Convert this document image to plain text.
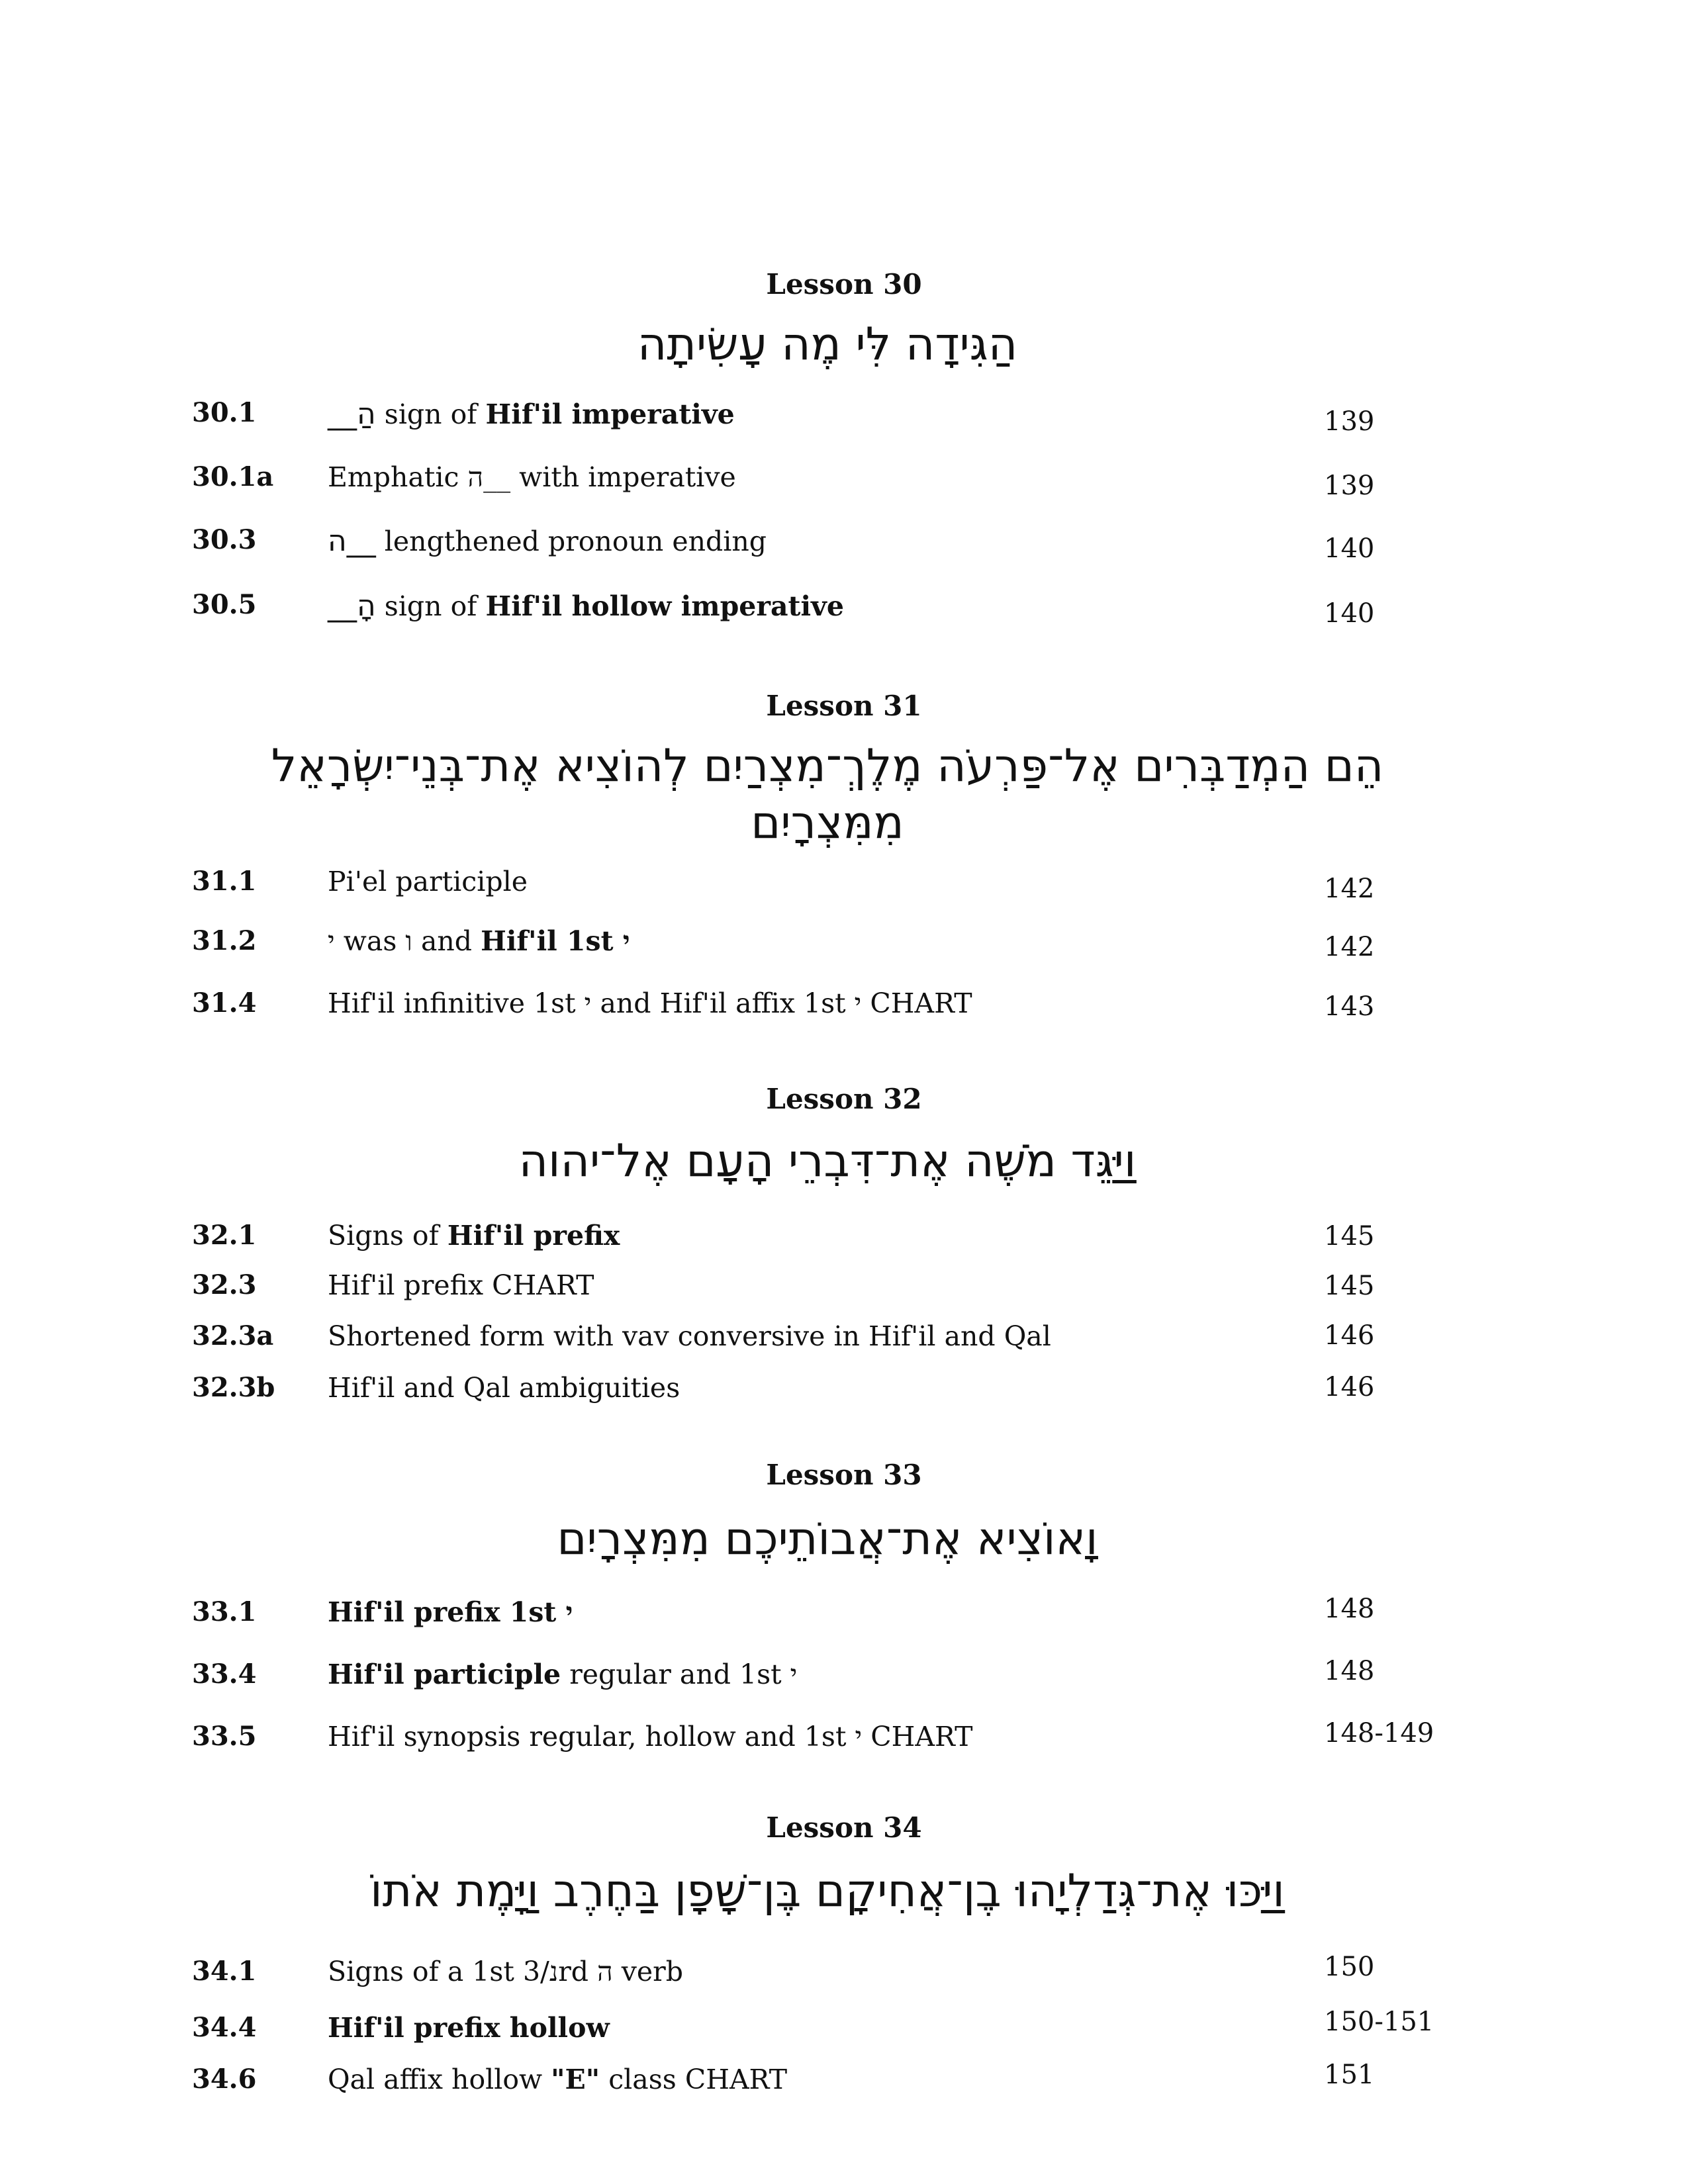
Lesson 30
הַגִּידָה לִּי מֶה עָשִׂיתָה
30.1 __הַ sign of Hif'il imperative	139
30.1a Emphatic ה__ with imperative	139
30.3 ה__ lengthened pronoun ending	140
30.5 __הָ sign of Hif'il hollow imperative	140
Lesson 31
הֵם הַמְדַבְּרִים אֶל־פַּרְעֹה מֶלֶךְ־מִצְרַיִם לְהוֹצִיא אֶת־בְּנֵי־יִשְׂרָאֵל מִמִּצְרָיִם
31.1	Pi'el participle	142
31.2	י was ו and Hif'il 1st י	142
31.4	Hif'il infinitive 1st י and Hif'il affix 1st י CHART	143
Lesson 32
וַיַּגֵּד מֹשֶׁה אֶת־דִּבְרֵי הָעָם אֶל־יהוה
32.1	Signs of Hif'il prefix	145
32.3	Hif'il prefix CHART	145
32.3a Shortened form with vav conversive in Hif'il and Qal	146
32.3b Hif'il and Qal ambiguities	146
Lesson 33
וָאוֹצִיא אֶת־אֲבוֹתֵיכֶם מִמִּצְרָיִם
33.1	Hif'il prefix 1st י	148
33.4	Hif'il participle regular and 1st י	148
33.5	Hif'il synopsis regular, hollow and 1st י CHART	148-149
Lesson 34
וַיַּכּוּ אֶת־גְּדַלְיָהוּ בֶן־אֲחִיקָם בֶּן־שָׁפָן בַּחֶרֶב וַיָּמֶת אֹתוֹ
34.1	Signs of a 1st נ/3rd ה verb	150
34.4	Hif'il prefix hollow	150-151
34.6	Qal affix hollow "E" class CHART	151
